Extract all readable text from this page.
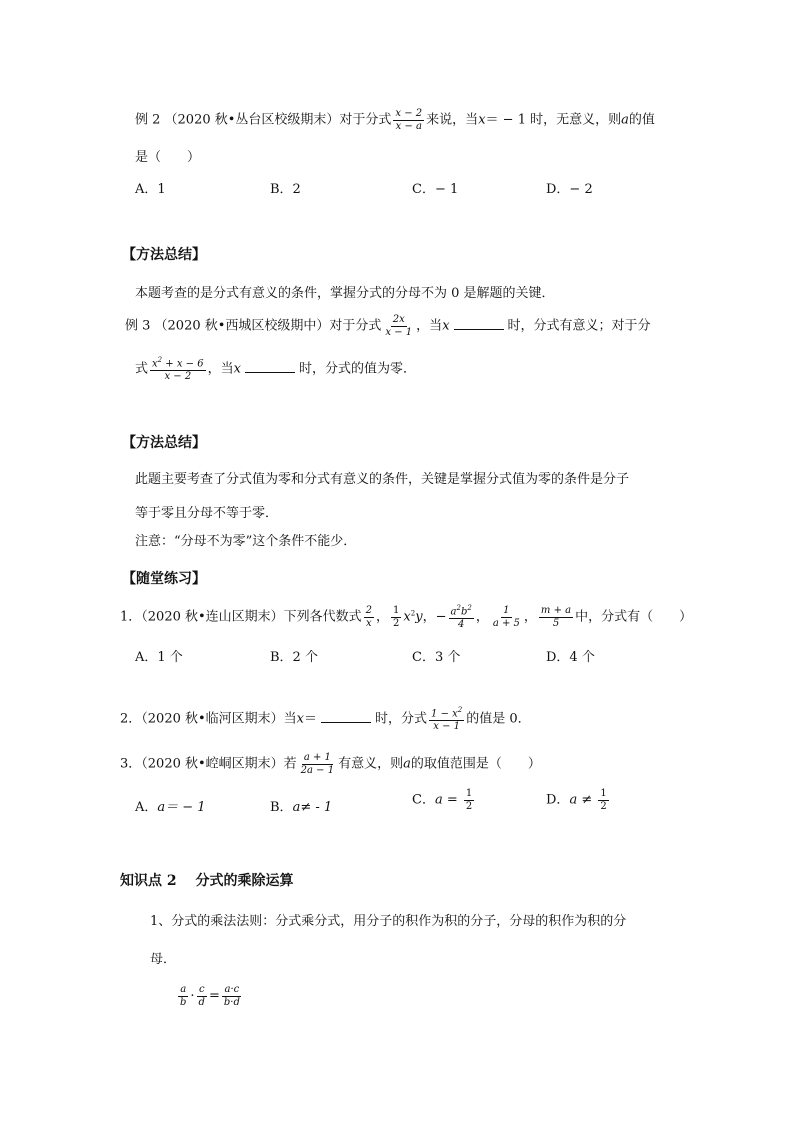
例 2 （2020 秋•丛台区校级期末）对于分式 $\frac{x - 2}{x - a}$ 来说，当x＝ − 1 时，无意义，则a的值
是（　　）
A．1	B．2	C．− 1	D．− 2
【方法总结】
本题考查的是分式有意义的条件，掌握分式的分母不为 0 是解题的关键．
例 3 （2020 秋•西城区校级期中）对于分式 $\frac{2x}{x - 1}$ ，当x	时，分式有意义；对于分
式 $\frac{x^2 + x - 6}{x - 2}$ ，当x	时，分式的值为零．
【方法总结】
此题主要考查了分式值为零和分式有意义的条件，关键是掌握分式值为零的条件是分子
等于零且分母不等于零．
注意：“分母不为零”这个条件不能少．
【随堂练习】
1．（2020 秋•连山区期末）下列各代数式 $\frac{2}{x}$ ， $\frac{1}{2} x^2y$，− $\frac{a^2b^2}{4}$ ， $\frac{1}{a + 5}$ ， $\frac{m + a}{5}$ 中，分式有（　　）
A．1 个	B．2 个	C．3 个	D．4 个
2．（2020 秋•临河区期末）当x＝	时，分式 $\frac{1 - x^2}{x - 1}$ 的值是 0．
3．（2020 秋•崆峒区期末）若 $\frac{a + 1}{2a - 1}$ 有意义，则a的取值范围是（　　）
A．a＝ − 1	B．a≠ - 1	C．$a = \frac{1}{2}$	D．$a \ne \frac{1}{2}$
知识点 2　 分式的乘除运算
1、分式的乘法法则：分式乘分式，用分子的积作为积的分子，分母的积作为积的分
母．
$\frac{a}{b} \cdot \frac{c}{d} = \frac{a\cdot c}{b\cdot d}$
